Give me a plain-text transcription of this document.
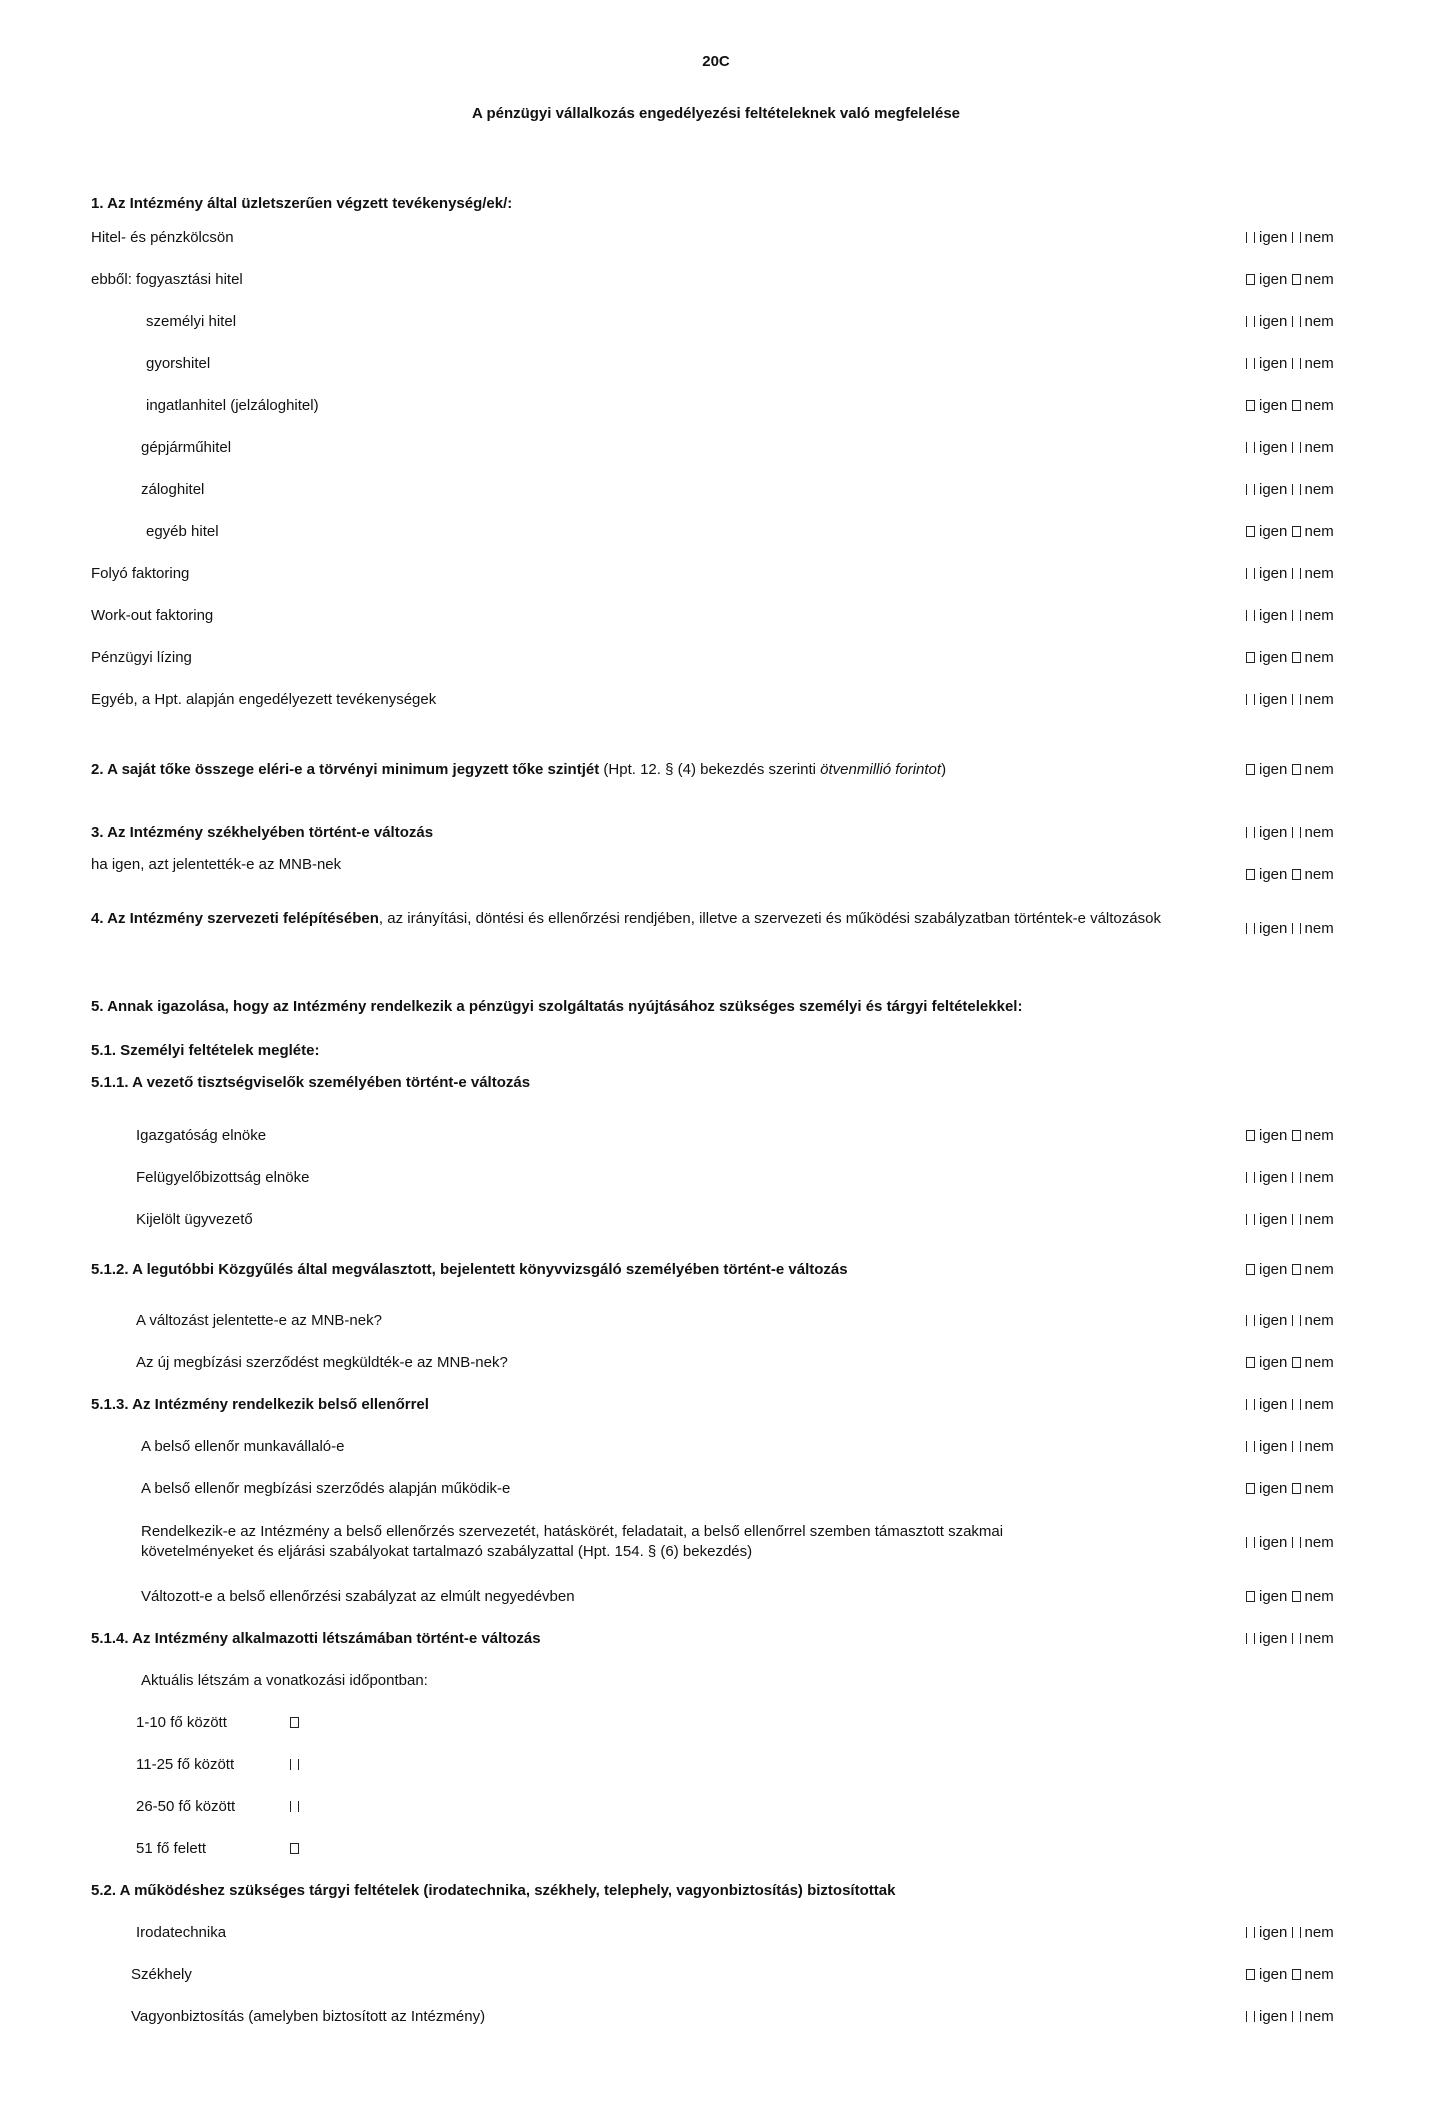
20C
A pénzügyi vállalkozás engedélyezési feltételeknek való megfelelése
1. Az Intézmény által üzletszerűen végzett tevékenység/ek/:
Hitel- és pénzkölcsön	igen nem
ebből: fogyasztási hitel	igen nem
személyi hitel	igen nem
gyorshitel	igen nem
ingatlanhitel (jelzáloghitel)	igen nem
gépjárműhitel	igen nem
záloghitel	igen nem
egyéb hitel	igen nem
Folyó faktoring	igen nem
Work-out faktoring	igen nem
Pénzügyi lízing	igen nem
Egyéb, a Hpt. alapján engedélyezett tevékenységek	igen nem
2. A saját tőke összege eléri-e a törvényi minimum jegyzett tőke szintjét (Hpt. 12. § (4) bekezdés szerinti ötvenmillió forintot)	igen nem
3. Az Intézmény székhelyében történt-e változás	igen nem
ha igen, azt jelentették-e az MNB-nek
igen nem
4. Az Intézmény szervezeti felépítésében, az irányítási, döntési és ellenőrzési rendjében, illetve a szervezeti és működési szabályzatban történtek-e változások
igen nem
5. Annak igazolása, hogy az Intézmény rendelkezik a pénzügyi szolgáltatás nyújtásához szükséges személyi és tárgyi feltételekkel:
5.1. Személyi feltételek megléte:
5.1.1. A vezető tisztségviselők személyében történt-e változás
Igazgatóság elnöke	igen nem
Felügyelőbizottság elnöke	igen nem
Kijelölt ügyvezető	igen nem
5.1.2. A legutóbbi Közgyűlés által megválasztott, bejelentett könyvvizsgáló személyében történt-e változás	igen nem
A változást jelentette-e az MNB-nek?	igen nem
Az új megbízási szerződést megküldték-e az MNB-nek?	igen nem
5.1.3. Az Intézmény rendelkezik belső ellenőrrel	igen nem
A belső ellenőr munkavállaló-e	igen nem
A belső ellenőr megbízási szerződés alapján működik-e	igen nem
Rendelkezik-e az Intézmény a belső ellenőrzés szervezetét, hatáskörét, feladatait, a belső ellenőrrel szemben támasztott szakmai követelményeket és eljárási szabályokat tartalmazó szabályzattal (Hpt. 154. § (6) bekezdés)
igen nem
Változott-e a belső ellenőrzési szabályzat az elmúlt negyedévben	igen nem
5.1.4. Az Intézmény alkalmazotti létszámában történt-e változás	igen nem
Aktuális létszám a vonatkozási időpontban:
1-10 fő között
11-25 fő között
26-50 fő között
51 fő felett
5.2. A működéshez szükséges tárgyi feltételek (irodatechnika, székhely, telephely, vagyonbiztosítás) biztosítottak
Irodatechnika	igen nem
Székhely	igen nem
Vagyonbiztosítás (amelyben biztosított az Intézmény)	igen nem
